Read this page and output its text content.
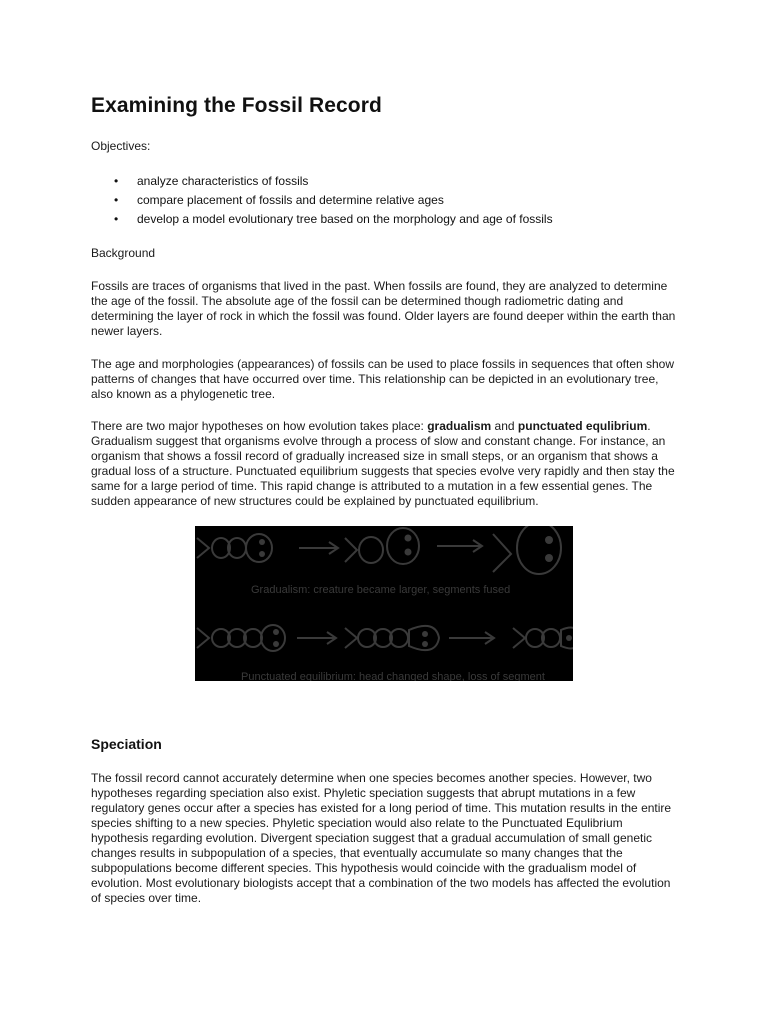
Examining the Fossil Record
Objectives:
• analyze characteristics of fossils
• compare placement of fossils and determine relative ages
• develop a model evolutionary tree based on the morphology and age of fossils
Background

Fossils are traces of organisms that lived in the past. When fossils are found, they are analyzed to determine the age of the fossil. The absolute age of the fossil can be determined though radiometric dating and determining the layer of rock in which the fossil was found. Older layers are found deeper within the earth than newer layers.

The age and morphologies (appearances) of fossils can be used to place fossils in sequences that often show patterns of changes that have occurred over time. This relationship can be depicted in an evolutionary tree, also known as a phylogenetic tree.

There are two major hypotheses on how evolution takes place: gradualism and punctuated equlibrium. Gradualism suggest that organisms evolve through a process of slow and constant change. For instance, an organism that shows a fossil record of gradually increased size in small steps, or an organism that shows a gradual loss of a structure. Punctuated equilibrium suggests that species evolve very rapidly and then stay the same for a large period of time. This rapid change is attributed to a mutation in a few essential genes. The sudden appearance of new structures could be explained by punctuated equilibrium.

Speciation

The fossil record cannot accurately determine when one species becomes another species. However, two hypotheses regarding speciation also exist. Phyletic speciation suggests that abrupt mutations in a few regulatory genes occur after a species has existed for a long period of time. This mutation results in the entire species shifting to a new species. Phyletic speciation would also relate to the Punctuated Equlibrium hypothesis regarding evolution. Divergent speciation suggest that a gradual accumulation of small genetic changes results in subpopulation of a species, that eventually accumulate so many changes that the subpopulations become different species. This hypothesis would coincide with the gradualism model of evolution. Most evolutionary biologists accept that a combination of the two models has affected the evolution of species over time.

Gradualism: creature became larger, segments fused
Punctuated equilibrium: head changed shape, loss of segment
